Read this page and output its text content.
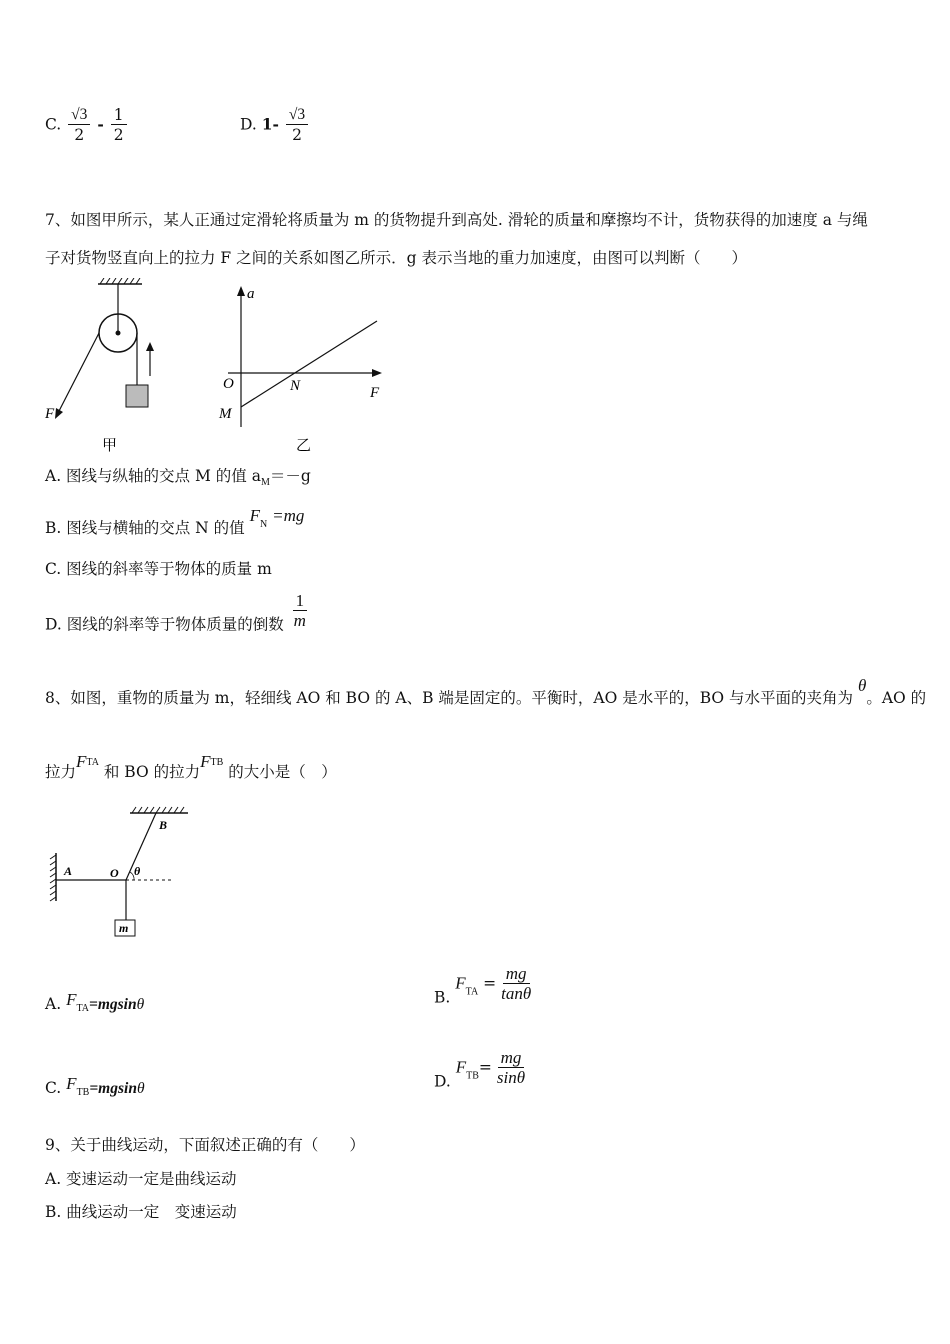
C. $\frac{√3}{2} - \frac{1}{2}$	D. $1- \frac{√3}{2}$
7、如图甲所示，某人正通过定滑轮将质量为 m 的货物提升到高处. 滑轮的质量和摩擦均不计，货物获得的加速度 a 与绳
子对货物竖直向上的拉力 F 之间的关系如图乙所示．g 表示当地的重力加速度，由图可以判断（　　）
F
甲
a
O	N	F
M
乙
A. 图线与纵轴的交点 M 的值 $a_M=-g$
B. 图线与横轴的交点 N 的值 FN =mg
C. 图线的斜率等于物体的质量 m
D. 图线的斜率等于物体质量的倒数 $\frac{1}{m}$
8、如图，重物的质量为 m，轻细线 AO 和 BO 的 A、B 端是固定的。平衡时，AO 是水平的，BO 与水平面的夹角为 θ。AO 的
拉力$F^{TA}$ 和 BO 的拉力$F^{TB}$ 的大小是（　）
A
B
O θ
m
A. $F_{TA}=mgsin\theta$	B. $F_{TA} = \frac{mg}{\tan\theta}$
C. $F_{TB}=mgsin\theta$	D. $F_{TB}= \frac{mg}{\sin\theta}$
9、关于曲线运动，下面叙述正确的有（　　）
A. 变速运动一定是曲线运动
B. 曲线运动一定　变速运动
